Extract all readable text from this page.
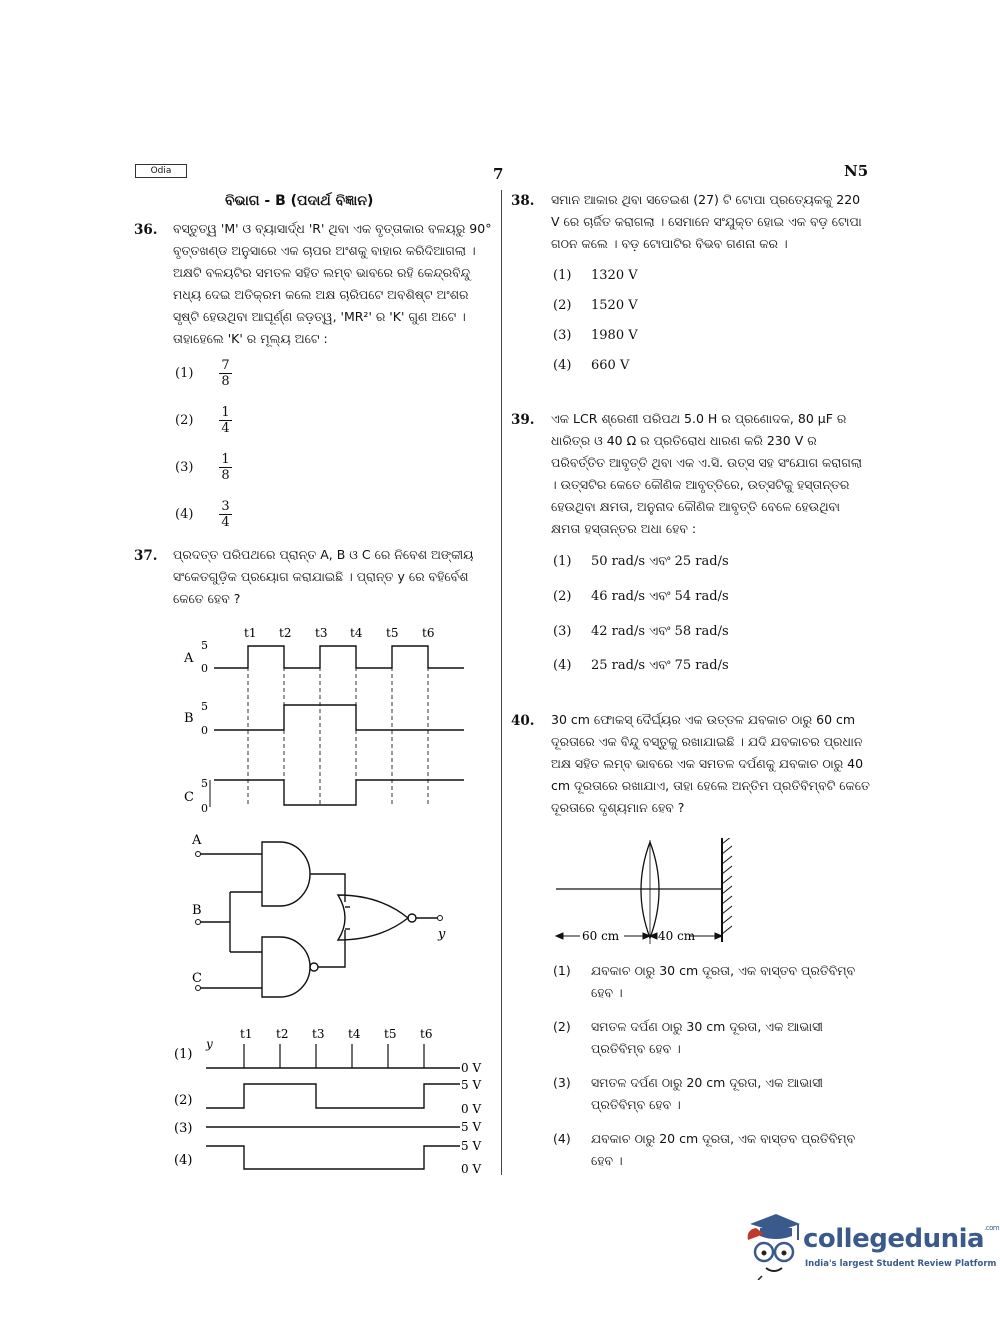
Odia	7	N5
ବିଭାଗ - B (ପଦାର୍ଥ ବିଜ୍ଞାନ)
36. ବସ୍ତୁତ୍ୱ 'M' ଓ ବ୍ୟାସାର୍ଦ୍ଧ 'R' ଥିବା ଏକ ବୃତ୍ତାକାର ବଳୟରୁ 90° ବୃତ୍ତଖଣ୍ଡ ଅନୁସାରେ ଏକ ଚାପର ଅଂଶକୁ ବାହାର କରିଦିଆଗଲା । ଅକ୍ଷଟି ବଳୟଟିର ସମତଳ ସହିତ ଲମ୍ବ ଭାବରେ ରହି କେନ୍ଦ୍ରବିନ୍ଦୁ ମଧ୍ୟ ଦେଇ ଅତିକ୍ରମ କଲେ ଅକ୍ଷ ଚାରିପଟେ ଅବଶିଷ୍ଟ ଅଂଶର ସୃଷ୍ଟି ହେଉଥିବା ଆଘୂର୍ଣ୍ଣ ଜଡ଼ତ୍ୱ, 'MR²' ର 'K' ଗୁଣ ଅଟେ । ତାହାହେଲେ 'K' ର ମୂଲ୍ୟ ଅଟେ :
$(1) \frac{7}{8}$
$(2) \frac{1}{4}$
$(3) \frac{1}{8}$
$(4) \frac{3}{4}$
37. ପ୍ରଦତ୍ତ ପରିପଥରେ ପ୍ରାନ୍ତ A, B ଓ C ରେ ନିବେଶ ଅଙ୍କୀୟ ସଂକେତଗୁଡ଼ିକ ପ୍ରୟୋଗ କରାଯାଇଛି । ପ୍ରାନ୍ତ y ରେ ବହିର୍ବେଶ କେତେ ହେବ ?
t1 t2 t3 t4 t5 t6
A
5
0
B
5
0
C
5
0
A
B
C
y
y
t1 t2 t3 t4 t5 t6
(1)
0 V
(2)
5 V
0 V
(3)	5 V
(4)
5 V
0 V
38. ସମାନ ଆକାର ଥିବା ସତେଇଶ (27) ଟି ଟୋପା ପ୍ରତ୍ୟେକକୁ 220 V ରେ ଚାର୍ଜିତ କରାଗଲା । ସେମାନେ ସଂଯୁକ୍ତ ହୋଇ ଏକ ବଡ଼ ଟୋପା ଗଠନ କଲେ । ବଡ଼ ଟୋପାଟିର ବିଭବ ଗଣନା କର ।
(1) 1320 V
(2) 1520 V
(3) 1980 V
(4) 660 V
39. ଏକ LCR ଶ୍ରେଣୀ ପରିପଥ 5.0 H ର ପ୍ରଣୋଦକ, 80 μF ର ଧାରିତ୍ର ଓ 40 Ω ର ପ୍ରତିରୋଧ ଧାରଣ କରି 230 V ର ପରିବର୍ତ୍ତିତ ଆବୃତ୍ତି ଥିବା ଏକ ଏ.ସି. ଉତ୍ସ ସହ ସଂଯୋଗ କରାଗଲା । ଉତ୍ସଟିର କେତେ କୌଣିକ ଆବୃତ୍ତିରେ, ଉତ୍ସଟିକୁ ହସ୍ତାନ୍ତର ହେଉଥିବା କ୍ଷମତା, ଅନୁନାଦ କୌଣିକ ଆବୃତ୍ତି ବେଳେ ହେଉଥିବା କ୍ଷମତା ହସ୍ତାନ୍ତର ଅଧା ହେବ :
(1) 50 rad/s ଏବଂ 25 rad/s
(2) 46 rad/s ଏବଂ 54 rad/s
(3) 42 rad/s ଏବଂ 58 rad/s
(4) 25 rad/s ଏବଂ 75 rad/s
40. 30 cm ଫୋକସ୍ ଦୈର୍ଘ୍ୟର ଏକ ଉତ୍ତଳ ଯବକାଚ ଠାରୁ 60 cm ଦୂରତାରେ ଏକ ବିନ୍ଦୁ ବସ୍ତୁକୁ ରଖାଯାଇଛି । ଯଦି ଯବକାଚର ପ୍ରଧାନ ଅକ୍ଷ ସହିତ ଲମ୍ବ ଭାବରେ ଏକ ସମତଳ ଦର୍ପଣକୁ ଯବକାଚ ଠାରୁ 40 cm ଦୂରତାରେ ରଖାଯାଏ, ତାହା ହେଲେ ଅନ୍ତିମ ପ୍ରତିବିମ୍ବଟି କେତେ ଦୂରତାରେ ଦୃଶ୍ୟମାନ ହେବ ?
60 cm	40 cm
(1) ଯବକାଚ ଠାରୁ 30 cm ଦୂରତା, ଏକ ବାସ୍ତବ ପ୍ରତିବିମ୍ବ ହେବ ।
(2) ସମତଳ ଦର୍ପଣ ଠାରୁ 30 cm ଦୂରତା, ଏକ ଆଭାସୀ ପ୍ରତିବିମ୍ବ ହେବ ।
(3) ସମତଳ ଦର୍ପଣ ଠାରୁ 20 cm ଦୂରତା, ଏକ ଆଭାସୀ ପ୍ରତିବିମ୍ବ ହେବ ।
(4) ଯବକାଚ ଠାରୁ 20 cm ଦୂରତା, ଏକ ବାସ୍ତବ ପ୍ରତିବିମ୍ବ ହେବ ।
collegedunia$^{.com}$
India's largest Student Review Platform
